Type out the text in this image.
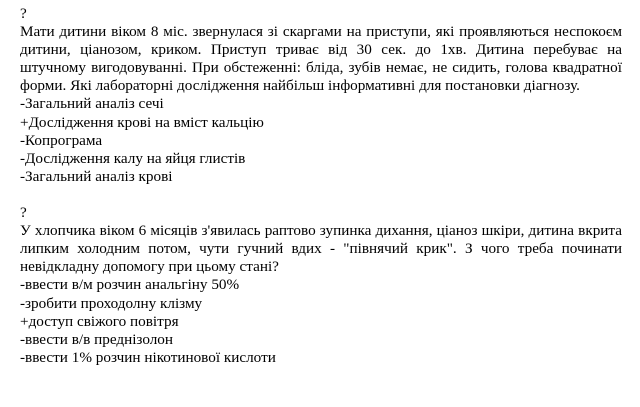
?
Мати дитини віком 8 міс. звернулася зі скаргами на приступи, які проявляються неспокоєм дитини, ціанозом, криком. Приступ триває від 30 сек. до 1хв. Дитина перебуває на штучному вигодовуванні. При обстеженні: бліда, зубів немає, не сидить, голова квадратної форми. Які лабораторні дослідження найбільш інформативні для постановки діагнозу.
-Загальний аналіз сечі
+Дослідження крові на вміст кальцію
-Копрограма
-Дослідження калу на яйця глистів
-Загальний аналіз крові
?
У хлопчика віком 6 місяців з'явилась раптово зупинка дихання, ціаноз шкіри, дитина вкрита липким холодним потом, чути гучний вдих - "півнячий крик". З чого треба починати невідкладну допомогу при цьому стані?
-ввести в/м розчин анальгіну 50%
-зробити проходолну клізму
+доступ свіжого повітря
-ввести в/в преднізолон
-ввести 1% розчин нікотинової кислоти
